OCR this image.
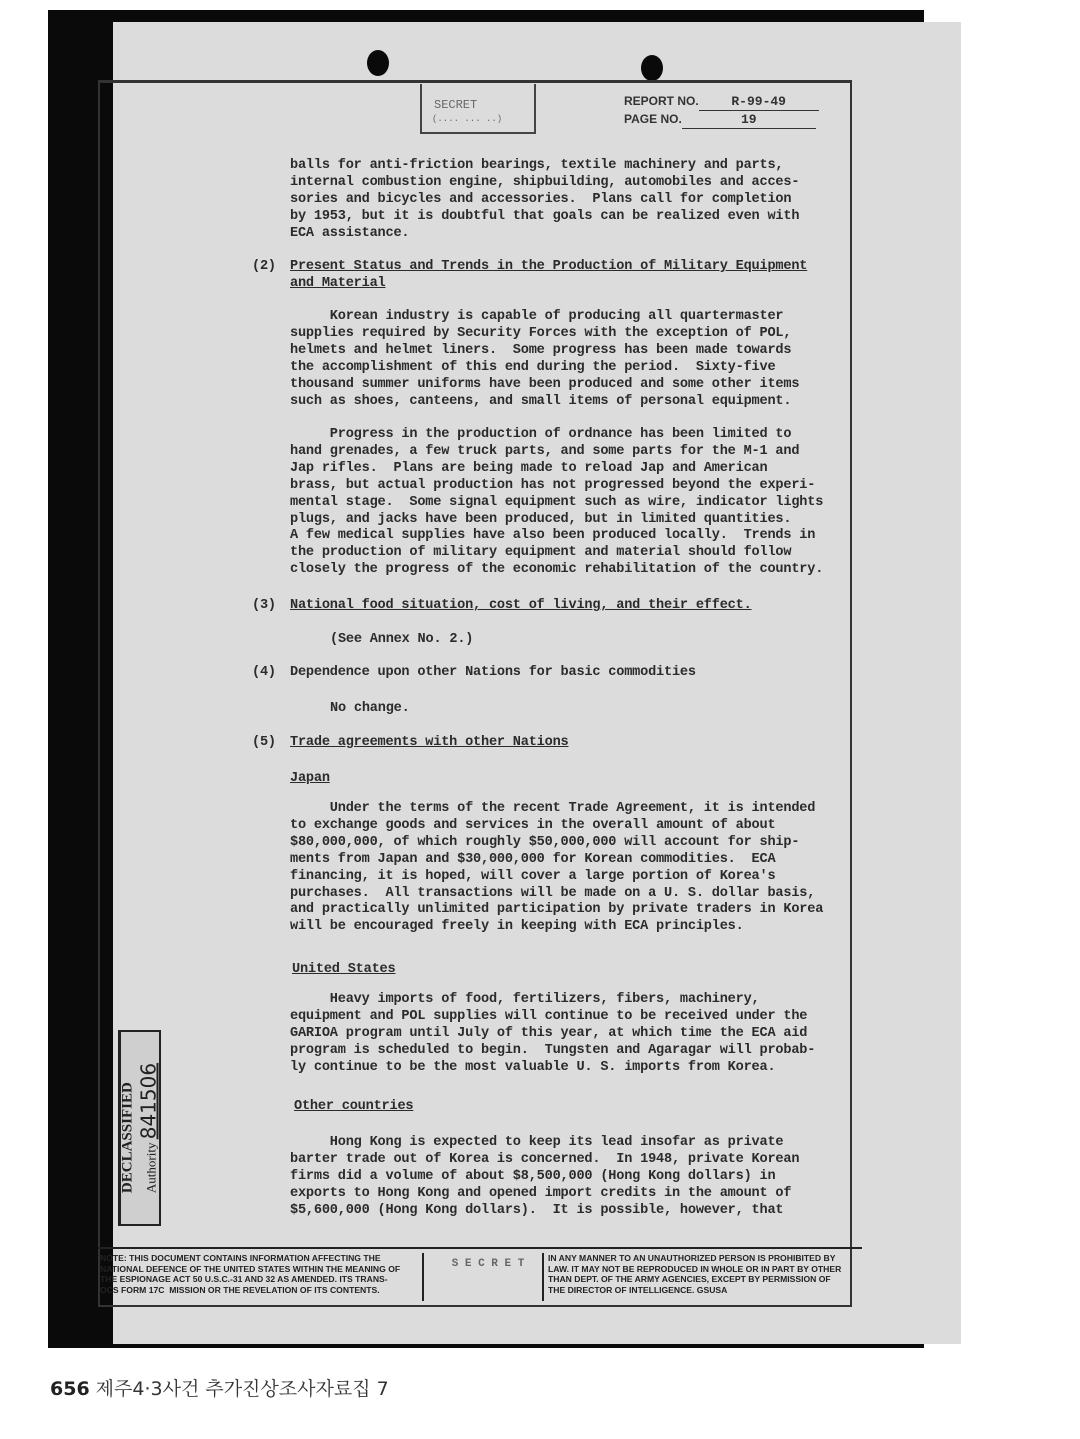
SECRET
(.... ... ..)
REPORT NO.	R-99-49
PAGE NO.	19
balls for anti-friction bearings, textile machinery and parts,
internal combustion engine, shipbuilding, automobiles and acces-
sories and bicycles and accessories.  Plans call for completion
by 1953, but it is doubtful that goals can be realized even with
ECA assistance.
(2) Present Status and Trends in the Production of Military Equipment
and Material
Korean industry is capable of producing all quartermaster
supplies required by Security Forces with the exception of POL,
helmets and helmet liners.  Some progress has been made towards
the accomplishment of this end during the period.  Sixty-five
thousand summer uniforms have been produced and some other items
such as shoes, canteens, and small items of personal equipment.
Progress in the production of ordnance has been limited to
hand grenades, a few truck parts, and some parts for the M-1 and
Jap rifles.  Plans are being made to reload Jap and American
brass, but actual production has not progressed beyond the experi-
mental stage.  Some signal equipment such as wire, indicator lights
plugs, and jacks have been produced, but in limited quantities.
A few medical supplies have also been produced locally.  Trends in
the production of military equipment and material should follow
closely the progress of the economic rehabilitation of the country.
(3) National food situation, cost of living, and their effect.
(See Annex No. 2.)
(4) Dependence upon other Nations for basic commodities
No change.
(5) Trade agreements with other Nations
Japan
Under the terms of the recent Trade Agreement, it is intended
to exchange goods and services in the overall amount of about
$80,000,000, of which roughly $50,000,000 will account for ship-
ments from Japan and $30,000,000 for Korean commodities.  ECA
financing, it is hoped, will cover a large portion of Korea's
purchases.  All transactions will be made on a U. S. dollar basis,
and practically unlimited participation by private traders in Korea
will be encouraged freely in keeping with ECA principles.
United States
Heavy imports of food, fertilizers, fibers, machinery,
equipment and POL supplies will continue to be received under the
GARIOA program until July of this year, at which time the ECA aid
program is scheduled to begin.  Tungsten and Agaragar will probab-
ly continue to be the most valuable U. S. imports from Korea.
Other countries
Hong Kong is expected to keep its lead insofar as private
barter trade out of Korea is concerned.  In 1948, private Korean
firms did a volume of about $8,500,000 (Hong Kong dollars) in
exports to Hong Kong and opened import credits in the amount of
$5,600,000 (Hong Kong dollars).  It is possible, however, that
DECLASSIFIED Authority 841506
NOTE: THIS DOCUMENT CONTAINS INFORMATION AFFECTING THE
NATIONAL DEFENCE OF THE UNITED STATES WITHIN THE MEANING OF
THE ESPIONAGE ACT 50 U.S.C.-31 AND 32 AS AMENDED. ITS TRANS-
OCS FORM 17C  MISSION OR THE REVELATION OF ITS CONTENTS.
S E C R E T	IN ANY MANNER TO AN UNAUTHORIZED PERSON IS PROHIBITED BY
LAW. IT MAY NOT BE REPRODUCED IN WHOLE OR IN PART BY OTHER
THAN DEPT. OF THE ARMY AGENCIES, EXCEPT BY PERMISSION OF
THE DIRECTOR OF INTELLIGENCE. GSUSA
656 제주4·3사건 추가진상조사자료집 7
